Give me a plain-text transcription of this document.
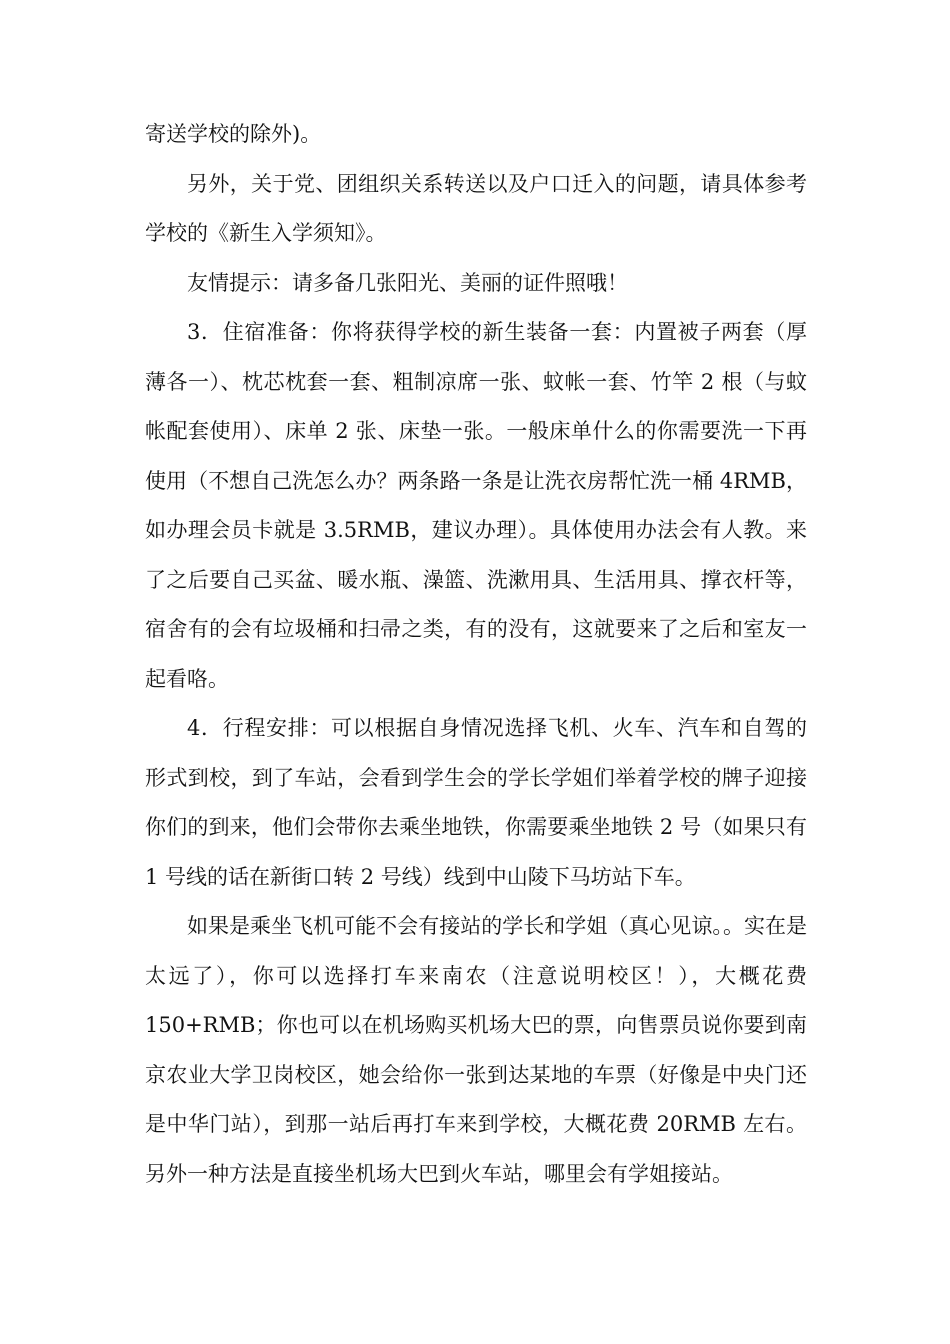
寄送学校的除外)。

另外，关于党、团组织关系转送以及户口迁入的问题，请具体参考学校的《新生入学须知》。

友情提示：请多备几张阳光、美丽的证件照哦！

3．住宿准备：你将获得学校的新生装备一套：内置被子两套（厚薄各一）、枕芯枕套一套、粗制凉席一张、蚊帐一套、竹竿 2 根（与蚊帐配套使用）、床单 2 张、床垫一张。一般床单什么的你需要洗一下再使用（不想自己洗怎么办？两条路一条是让洗衣房帮忙洗一桶 4RMB，如办理会员卡就是 3.5RMB，建议办理）。具体使用办法会有人教。来了之后要自己买盆、暖水瓶、澡篮、洗漱用具、生活用具、撑衣杆等，宿舍有的会有垃圾桶和扫帚之类，有的没有，这就要来了之后和室友一起看咯。

4．行程安排：可以根据自身情况选择飞机、火车、汽车和自驾的形式到校，到了车站，会看到学生会的学长学姐们举着学校的牌子迎接你们的到来，他们会带你去乘坐地铁，你需要乘坐地铁 2 号（如果只有 1 号线的话在新街口转 2 号线）线到中山陵下马坊站下车。

如果是乘坐飞机可能不会有接站的学长和学姐（真心见谅。。实在是太远了），你可以选择打车来南农（注意说明校区！），大概花费 150+RMB；你也可以在机场购买机场大巴的票，向售票员说你要到南京农业大学卫岗校区，她会给你一张到达某地的车票（好像是中央门还是中华门站），到那一站后再打车来到学校，大概花费 20RMB 左右。另外一种方法是直接坐机场大巴到火车站，哪里会有学姐接站。
